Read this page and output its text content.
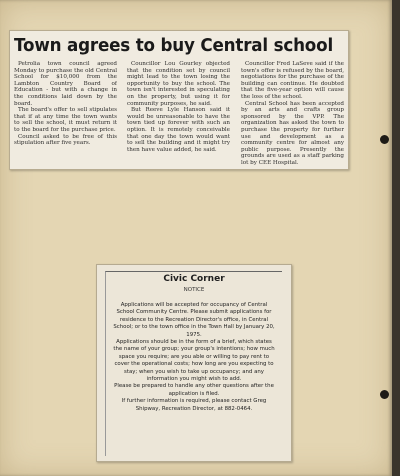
Town agrees to buy Central school

Petrolia town council agreed Monday to purchase the old Central School for $10,000 from the Lambton Country Board of Education - but with a change in the conditions laid down by the board.

The board's offer to sell stipulates that if at any time the town wants to sell the school, it must return it to the board for the purchase price.

Council asked to be free of this stipulation after five years.

Councillor Lou Gourley objected that the condition set by council might lead to the town losing the opportunity to buy the school. The town isn't interested in speculating on the property, but using it for community purposes, he said.

But Reeve Lyle Hanson said it would be unreasonable to have the town tied up forever with such an option. It is remotely conceivable that one day the town would want to sell the building and it might try then have value added, he said.

Councillor Fred LaSeve said if the town's offer is refused by the board, negotiations for the purchase of the building can continue. He doubted that the five-year option will cause the loss of the school.

Central School has been accepted by an arts and crafts group sponsored by the VPP. The organization has asked the town to purchase the property for further use and development as a community centre for almost any public purpose. Presently the grounds are used as a staff parking lot by CEE Hospital.

Civic Corner

NOTICE

Applications will be accepted for occupancy of Central School Community Centre. Please submit applications for residence to the Recreation Director's office, in Central School; or to the town office in the Town Hall by January 20, 1975.

Applications should be in the form of a brief, which states the name of your group; your group's intentions; how much space you require; are you able or willing to pay rent to cover the operational costs; how long are you expecting to stay; when you wish to take up occupancy; and any information you might wish to add.

Please be prepared to handle any other questions after the application is filed.

If further information is required, please contact Greg Shipway, Recreation Director, at 882-0464.
